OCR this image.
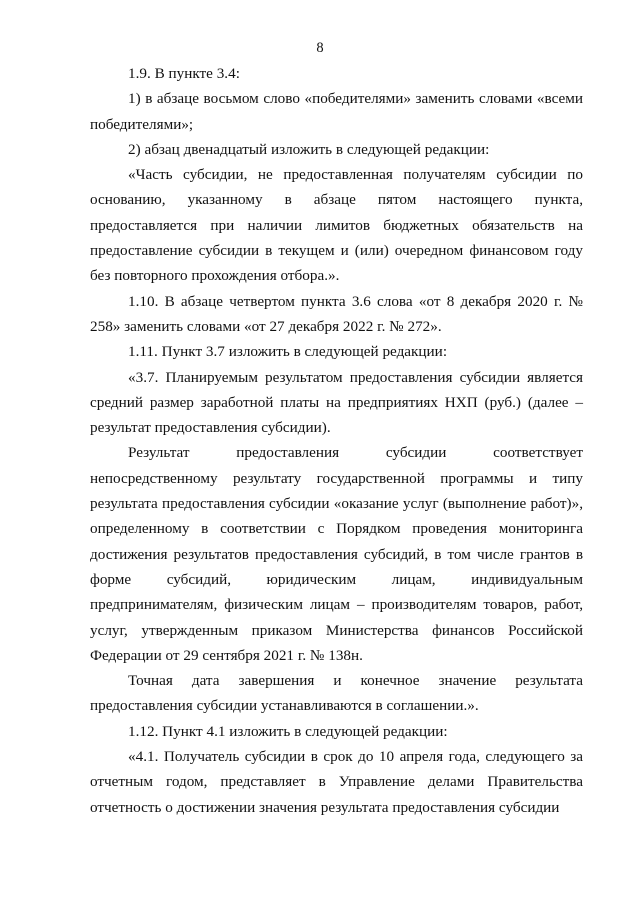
8

1.9. В пункте 3.4:

1) в абзаце восьмом слово «победителями» заменить словами «всеми победителями»;

2) абзац двенадцатый изложить в следующей редакции:

«Часть субсидии, не предоставленная получателям субсидии по основанию, указанному в абзаце пятом настоящего пункта, предоставляется при наличии лимитов бюджетных обязательств на предоставление субсидии в текущем и (или) очередном финансовом году без повторного прохождения отбора.».

1.10. В абзаце четвертом пункта 3.6 слова «от 8 декабря 2020 г. № 258» заменить словами «от 27 декабря 2022 г. № 272».

1.11. Пункт 3.7 изложить в следующей редакции:

«3.7. Планируемым результатом предоставления субсидии является средний размер заработной платы на предприятиях НХП (руб.) (далее – результат предоставления субсидии).

Результат предоставления субсидии соответствует непосредственному результату государственной программы и типу результата предоставления субсидии «оказание услуг (выполнение работ)», определенному в соответствии с Порядком проведения мониторинга достижения результатов предоставления субсидий, в том числе грантов в форме субсидий, юридическим лицам, индивидуальным предпринимателям, физическим лицам – производителям товаров, работ, услуг, утвержденным приказом Министерства финансов Российской Федерации от 29 сентября 2021 г. № 138н.

Точная дата завершения и конечное значение результата предоставления субсидии устанавливаются в соглашении.».

1.12. Пункт 4.1 изложить в следующей редакции:

«4.1. Получатель субсидии в срок до 10 апреля года, следующего за отчетным годом, представляет в Управление делами Правительства отчетность о достижении значения результата предоставления субсидии
